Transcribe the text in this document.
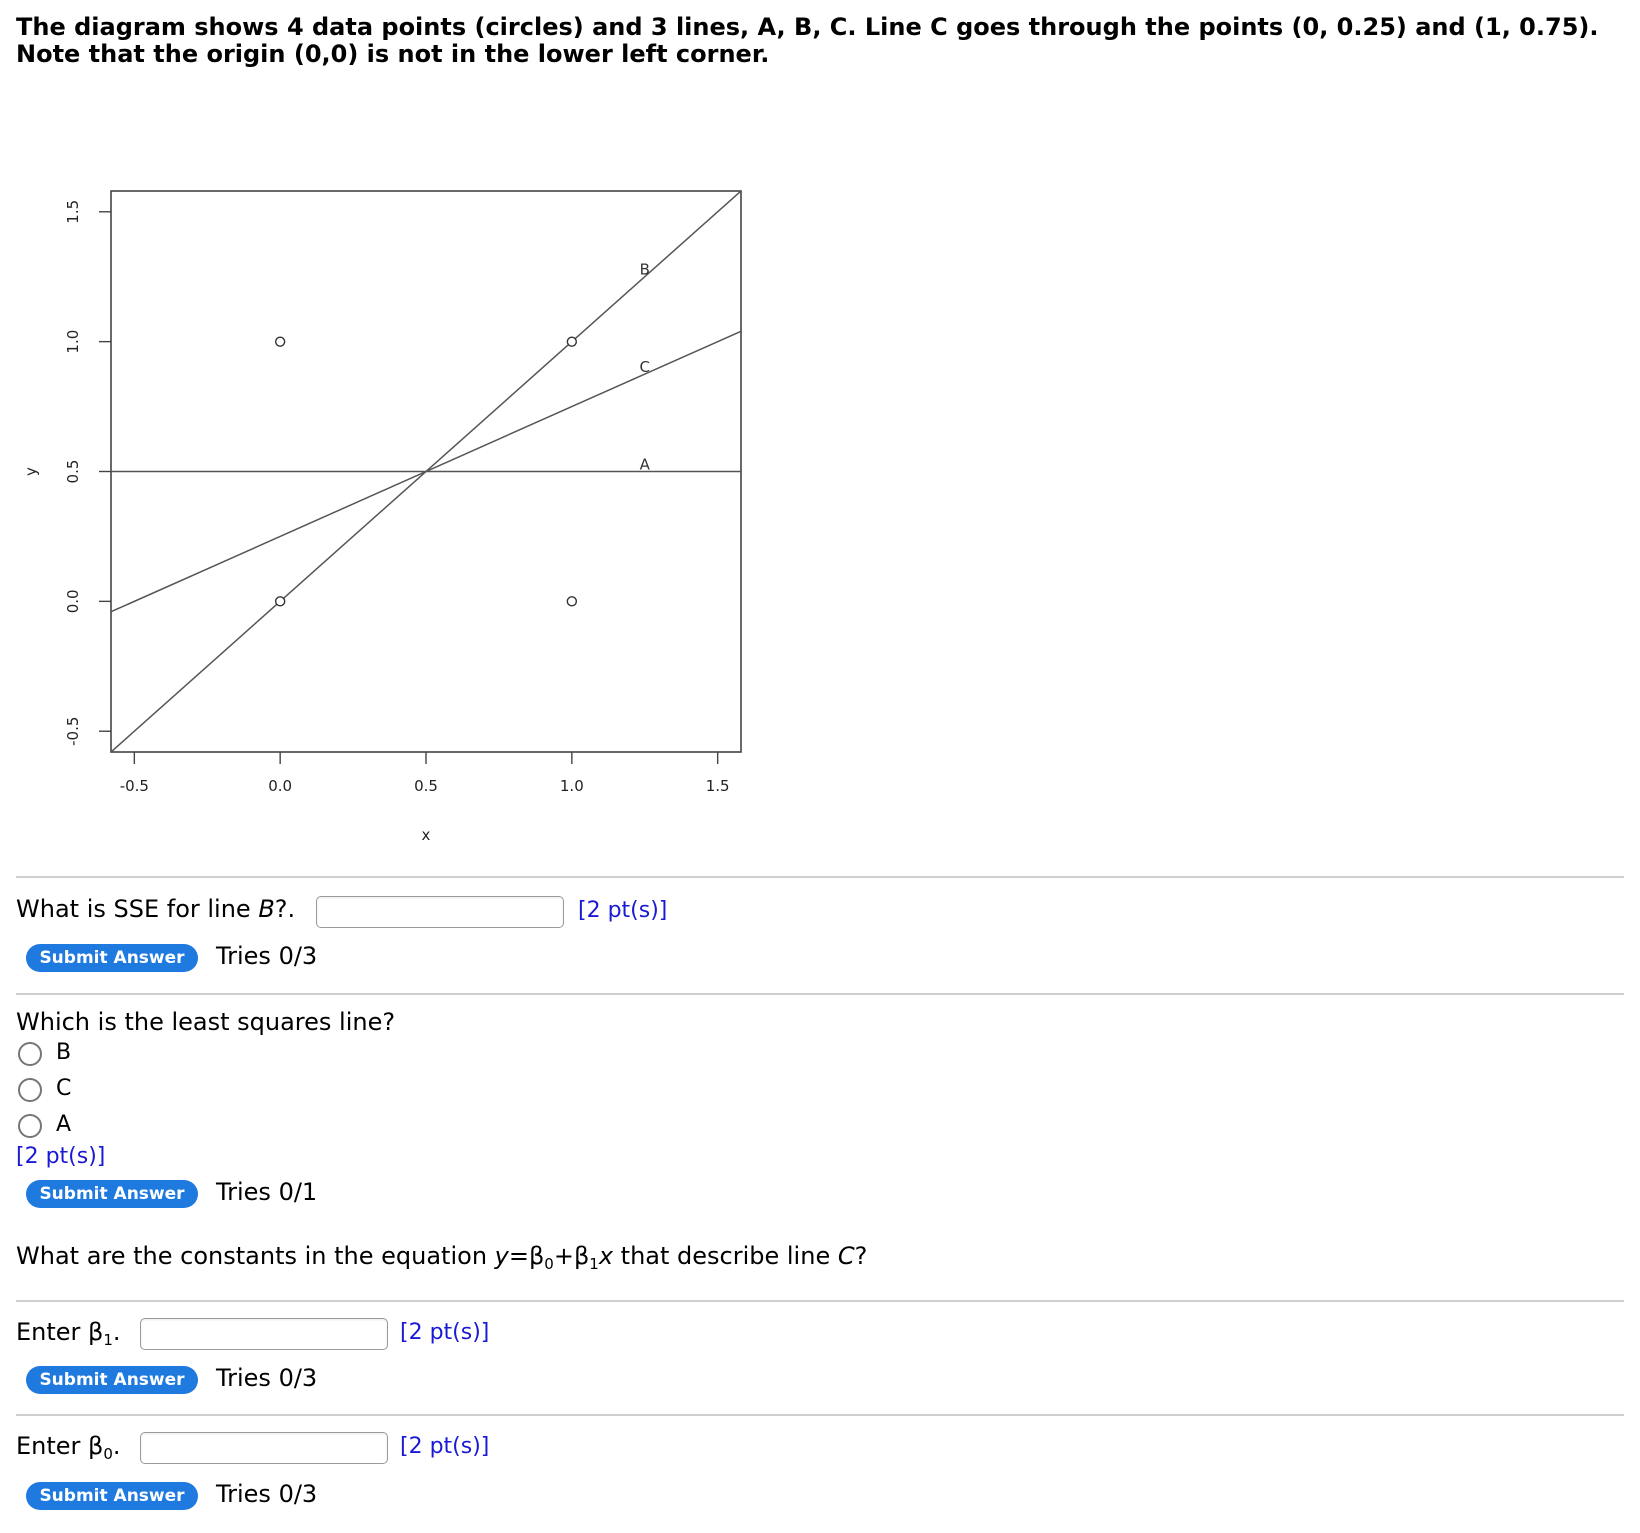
The diagram shows 4 data points (circles) and 3 lines, A, B, C. Line C goes through the points (0, 0.25) and (1, 0.75).
Note that the origin (0,0) is not in the lower left corner.
-0.5	0.0	0.5	1.0	1.5
-0.5
0.0
0.5
1.0
1.5
x
y	A
B
C
What is SSE for line B?.	[2 pt(s)]
Submit Answer	Tries 0/3
Which is the least squares line?
B
C
A
[2 pt(s)]
Submit Answer	Tries 0/1
What are the constants in the equation $y=\beta_0+\beta_1x$ that describe line C?
Enter $\beta_1$.	[2 pt(s)]
Submit Answer	Tries 0/3
Enter $\beta_0$.	[2 pt(s)]
Submit Answer	Tries 0/3
